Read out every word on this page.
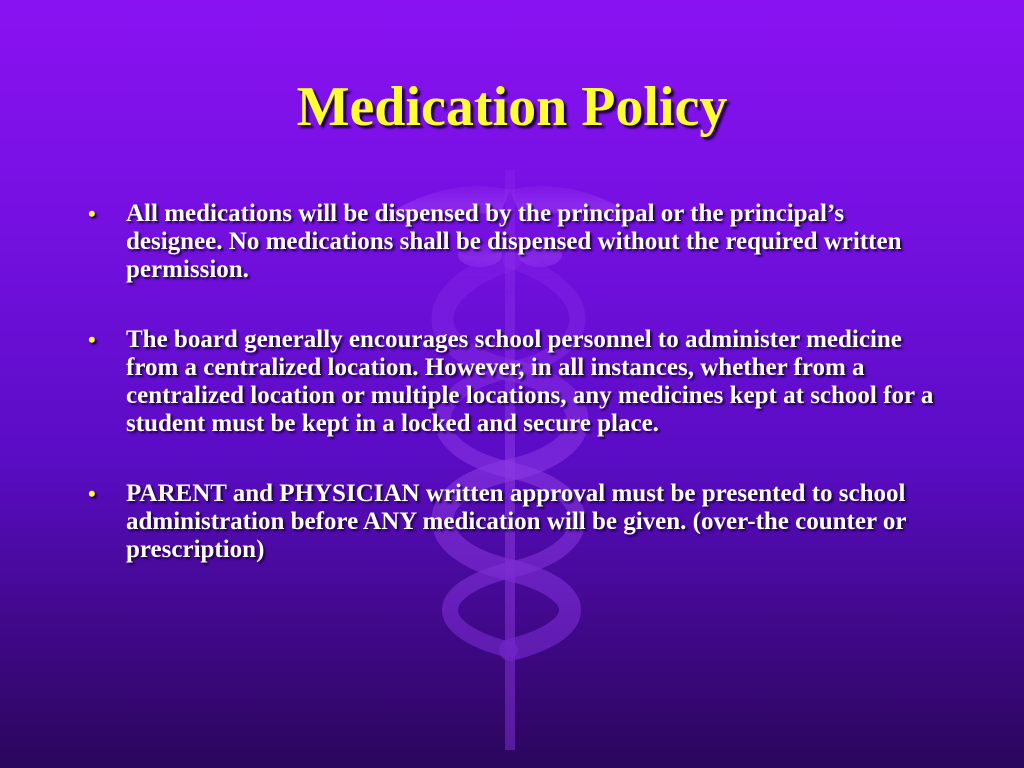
Medication Policy
• All medications will be dispensed by the principal or the principal’s designee. No medications shall be dispensed without the required written permission.
• The board generally encourages school personnel to administer medicine from a centralized location. However, in all instances, whether from a centralized location or multiple locations, any medicines kept at school for a student must be kept in a locked and secure place.
• PARENT and PHYSICIAN written approval must be presented to school administration before ANY medication will be given. (over-the counter or prescription)
